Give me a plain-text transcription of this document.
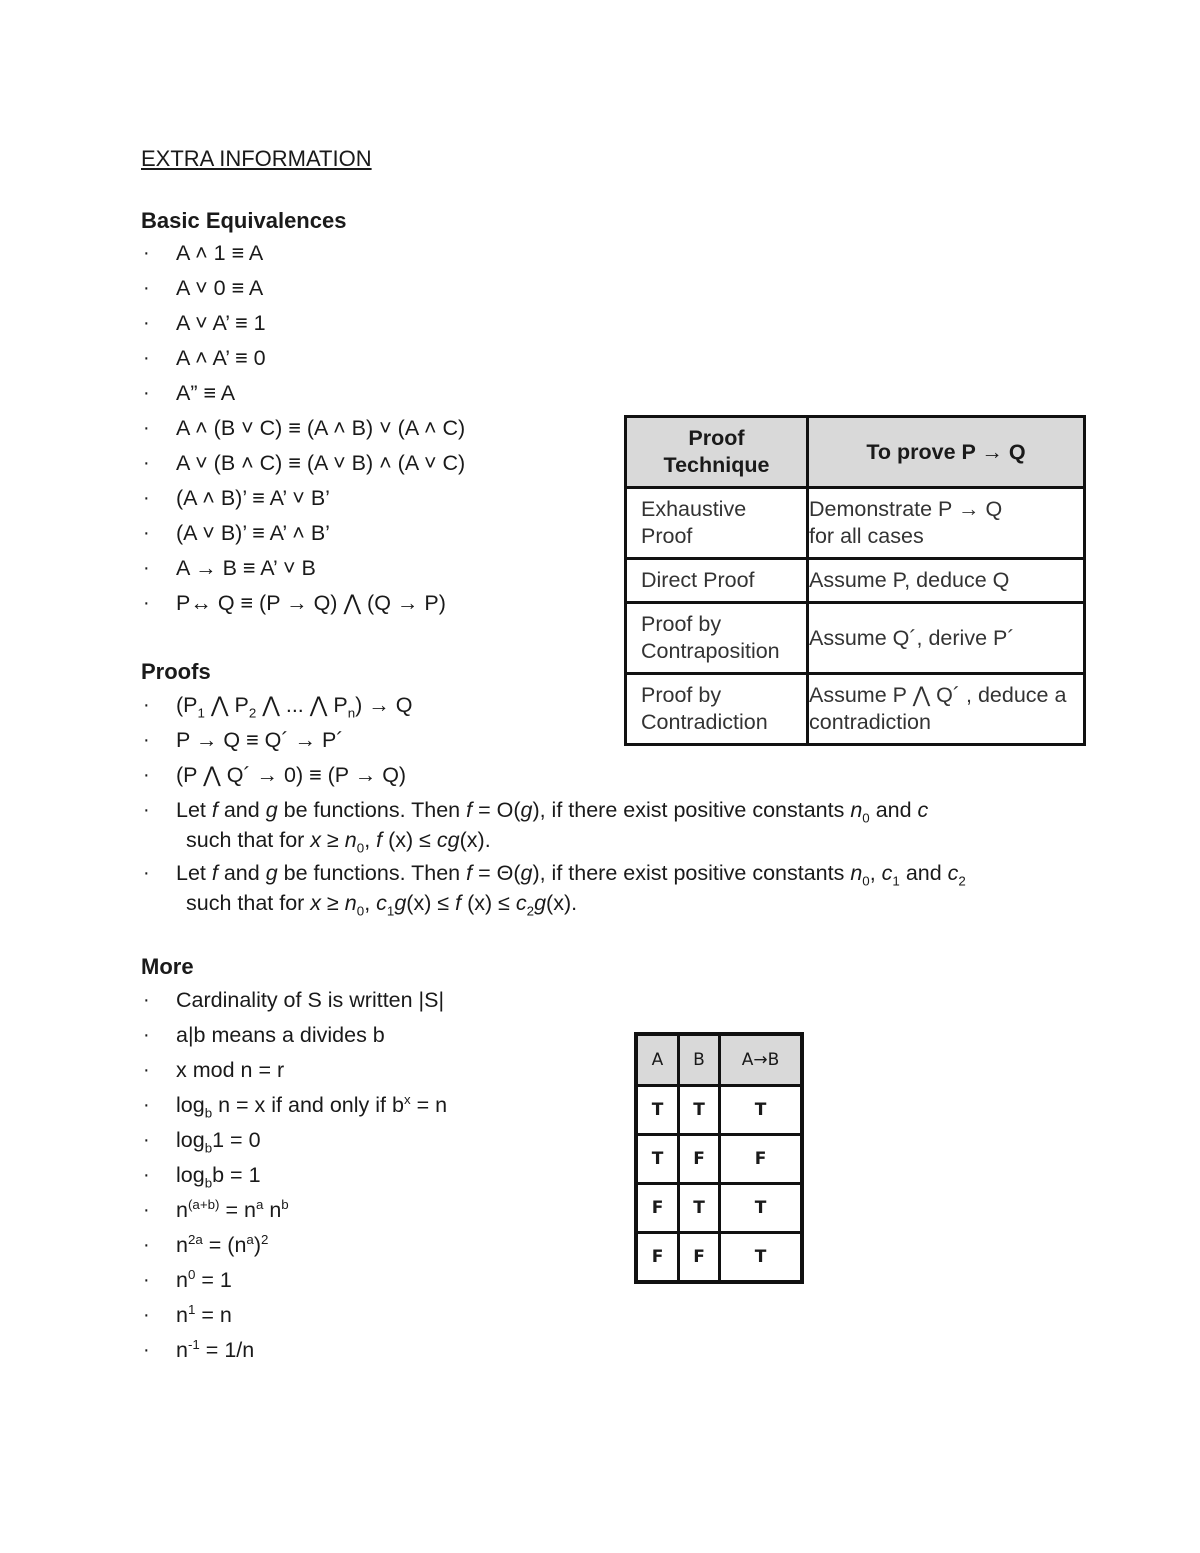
EXTRA INFORMATION
Basic Equivalences
· A ˄ 1 ≡ A
· A ˅ 0 ≡ A
· A ˅ A’ ≡ 1
· A ˄ A’ ≡ 0
· A” ≡ A
· A ˄ (B ˅ C) ≡ (A ˄ B) ˅ (A ˄ C)
· A ˅ (B ˄ C) ≡ (A ˅ B) ˄ (A ˅ C)
· (A ˄ B)’ ≡ A’ ˅ B’
· (A ˅ B)’ ≡ A’ ˄ B’
· A → B ≡ A’ ˅ B
· P↔ Q ≡ (P → Q) ⋀ (Q → P)
Proofs
· ($P_1$ ⋀ $P_2$ ⋀ ... ⋀ $P_n) \to Q$
· P → Q ≡ Q´ → P´
· (P ⋀ Q´ → 0) ≡ (P → Q)
· Let f and g be functions. Then f = O(g), if there exist positive constants $n_0$ and c
such that for $x \ge n_0$, f (x) ≤ cg(x).
· Let f and g be functions. Then f = Θ(g), if there exist positive constants $n_0$, $c_1$ and $c_2$
such that for $x \ge n_0$, $c_1g(x) \le f$ $(x) \le c_2g(x)$.
More
· Cardinality of S is written |S|
· a|b means a divides b
· x mod n = r
· $\log_b n = x$ if and only if $b^x = n$
· $\log_b1 = 0$
· $\log_bb = 1$
· $n^{(a+b)} = n^a$ $n^b$
· $n^{2a} = (n^a)^2$
· $n^0 = 1$
· $n^1 = n$
· $n^{-1} = 1/n$
Proof
Technique	To prove P → Q
Exhaustive
Proof	Demonstrate P → Q
for all cases
Direct Proof	Assume P, deduce Q
Proof by
Contraposition	Assume Q´, derive P´
Proof by
Contradiction	Assume P ⋀ Q´ , deduce a
contradiction
A	B	A→B
T	T	T
T	F	F
F	T	T
F	F	T
